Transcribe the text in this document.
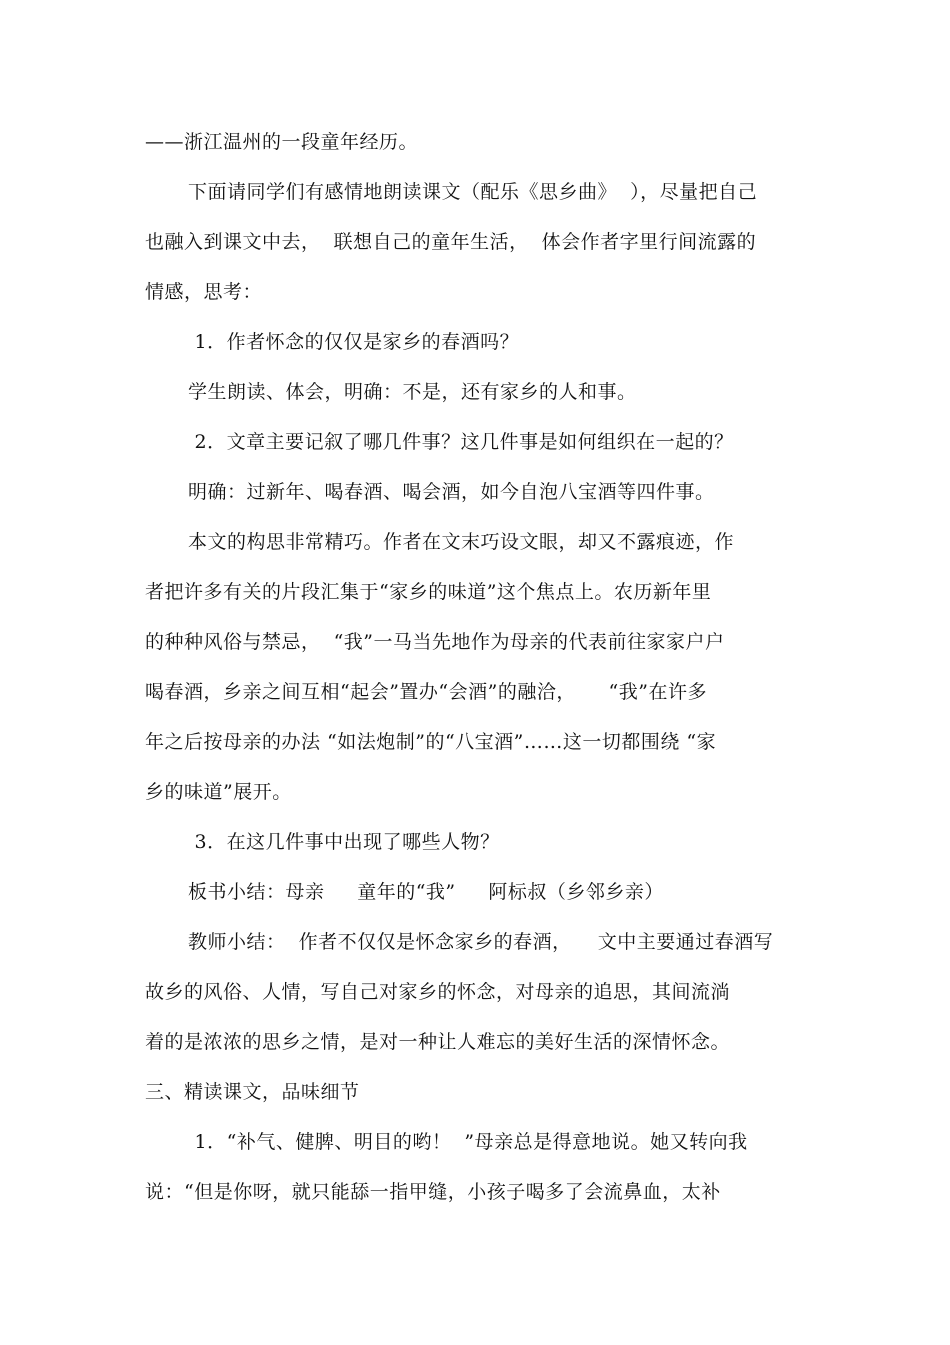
——浙江温州的一段童年经历。
下面请同学们有感情地朗读课文（配乐《思乡曲》  ），尽量把自己
也融入到课文中去，  联想自己的童年生活，  体会作者字里行间流露的
情感，思考：
1．作者怀念的仅仅是家乡的春酒吗？
学生朗读、体会，明确：不是，还有家乡的人和事。
2．文章主要记叙了哪几件事？这几件事是如何组织在一起的？
明确：过新年、喝春酒、喝会酒，如今自泡八宝酒等四件事。
本文的构思非常精巧。作者在文末巧设文眼，却又不露痕迹，作
者把许多有关的片段汇集于“家乡的味道”这个焦点上。农历新年里
的种种风俗与禁忌，  “我”一马当先地作为母亲的代表前往家家户户
喝春酒，乡亲之间互相“起会”置办“会酒”的融洽，     “我”在许多
年之后按母亲的办法 “如法炮制”的“八宝酒”……这一切都围绕 “家
乡的味道”展开。
3．在这几件事中出现了哪些人物？
板书小结：母亲     童年的“我”     阿标叔（乡邻乡亲）
教师小结：  作者不仅仅是怀念家乡的春酒，    文中主要通过春酒写
故乡的风俗、人情，写自己对家乡的怀念，对母亲的追思，其间流淌
着的是浓浓的思乡之情，是对一种让人难忘的美好生活的深情怀念。
三、精读课文，品味细节
1．“补气、健脾、明目的哟！  ”母亲总是得意地说。她又转向我
说：“但是你呀，就只能舔一指甲缝，小孩子喝多了会流鼻血，太补
